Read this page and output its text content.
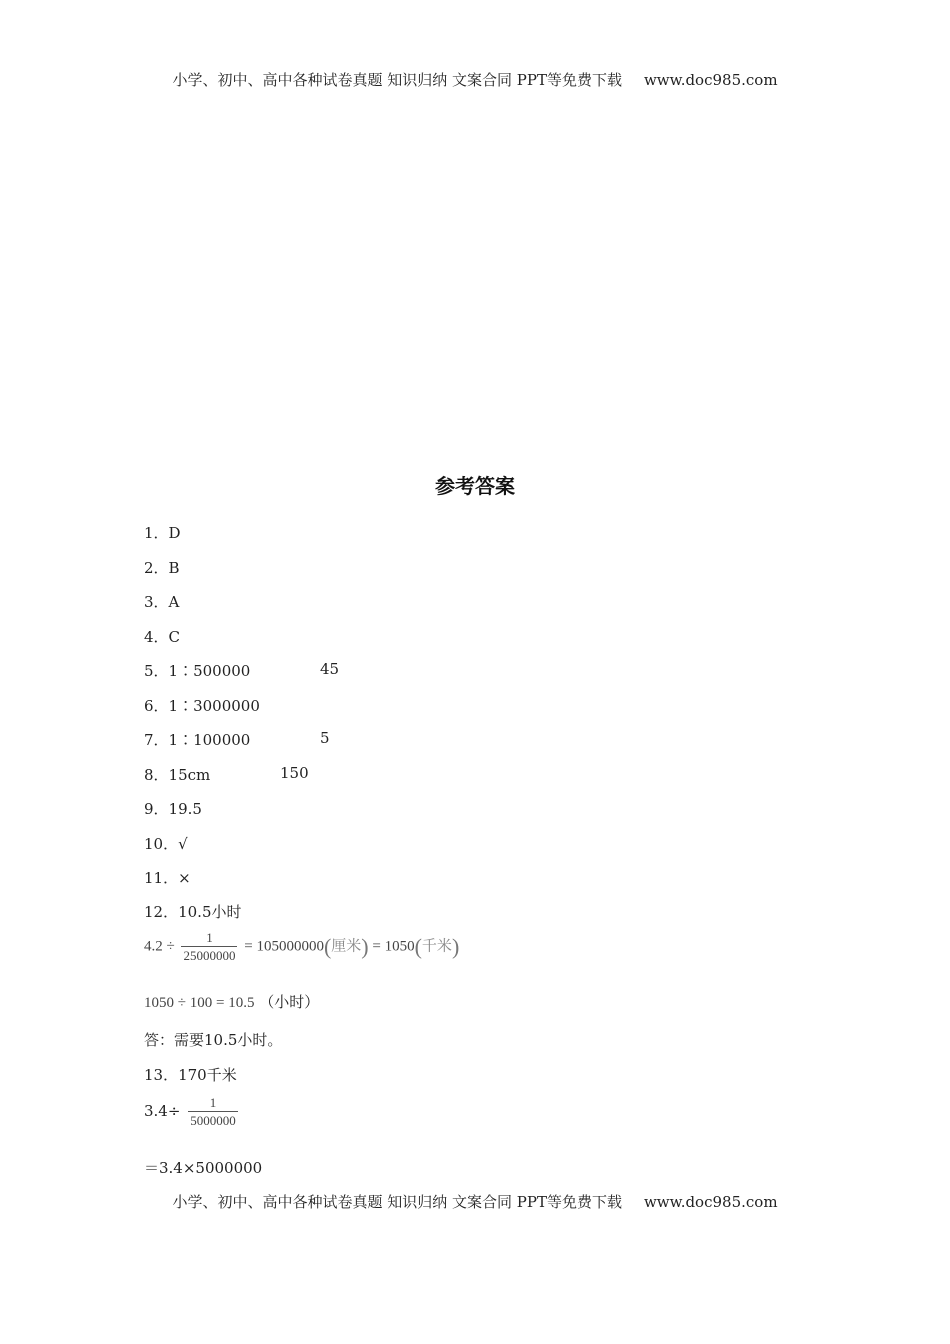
小学、初中、高中各种试卷真题 知识归纳 文案合同 PPT等免费下载 www.doc985.com
参考答案
1．D
2．B
3．A
4．C
5．1∶500000	45
6．1∶3000000
7．1∶100000	5
8．15cm	150
9．19.5
10．√
11．×
12．10.5小时
$4.2 \div \frac{1}{25000000} = 105000000$(厘米) = 1050(千米)
1050 ÷ 100 = 10.5 （小时）
答：需要10.5小时。
13．170千米
$3.4\div \frac{1}{5000000}$
＝3.4×5000000
小学、初中、高中各种试卷真题 知识归纳 文案合同 PPT等免费下载 www.doc985.com
